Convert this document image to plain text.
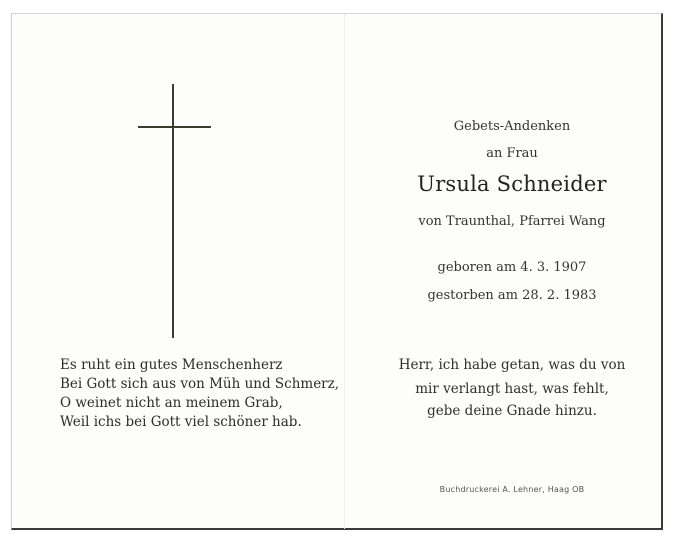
Es ruht ein gutes Menschenherz
Bei Gott sich aus von Müh und Schmerz,
O weinet nicht an meinem Grab,
Weil ichs bei Gott viel schöner hab.
Gebets-Andenken
an Frau
Ursula Schneider
von Traunthal, Pfarrei Wang
geboren am 4. 3. 1907
gestorben am 28. 2. 1983
Herr, ich habe getan, was du von
mir verlangt hast, was fehlt,
gebe deine Gnade hinzu.
Buchdruckerei A. Lehner, Haag OB
